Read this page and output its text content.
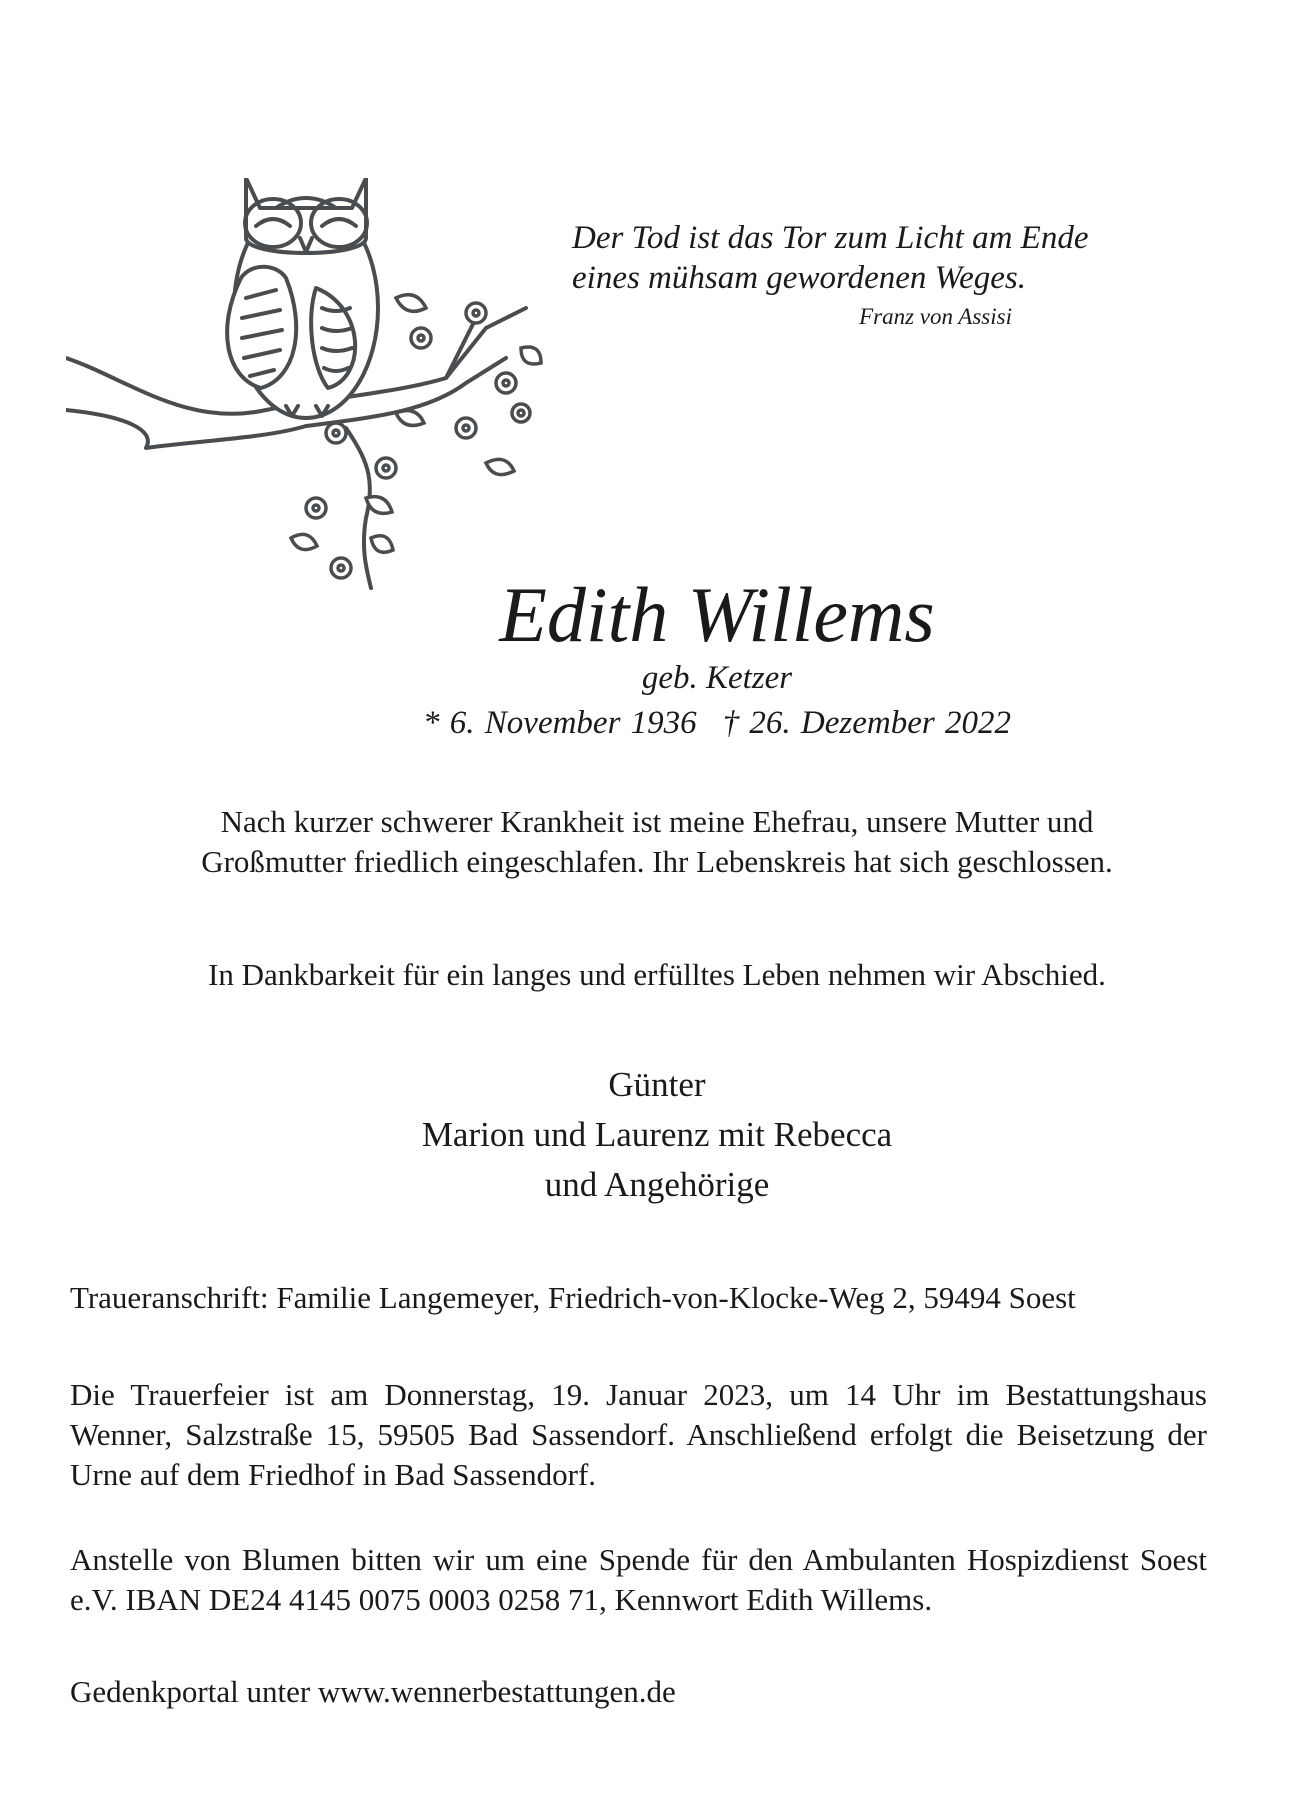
Der Tod ist das Tor zum Licht am Ende
eines mühsam gewordenen Weges.
Franz von Assisi
Edith Willems
geb. Ketzer
* 6. November 1936 † 26. Dezember 2022
Nach kurzer schwerer Krankheit ist meine Ehefrau, unsere Mutter und
Großmutter friedlich eingeschlafen. Ihr Lebenskreis hat sich geschlossen.
In Dankbarkeit für ein langes und erfülltes Leben nehmen wir Abschied.
Günter
Marion und Laurenz mit Rebecca
und Angehörige
Traueranschrift: Familie Langemeyer, Friedrich-von-Klocke-Weg 2, 59494 Soest
Die Trauerfeier ist am Donnerstag, 19. Januar 2023, um 14 Uhr im Bestattungshaus Wenner, Salzstraße 15, 59505 Bad Sassendorf. Anschließend erfolgt die Beisetzung der Urne auf dem Friedhof in Bad Sassendorf.
Anstelle von Blumen bitten wir um eine Spende für den Ambulanten Hospizdienst Soest e.V. IBAN DE24 4145 0075 0003 0258 71, Kennwort Edith Willems.
Gedenkportal unter www.wennerbestattungen.de
